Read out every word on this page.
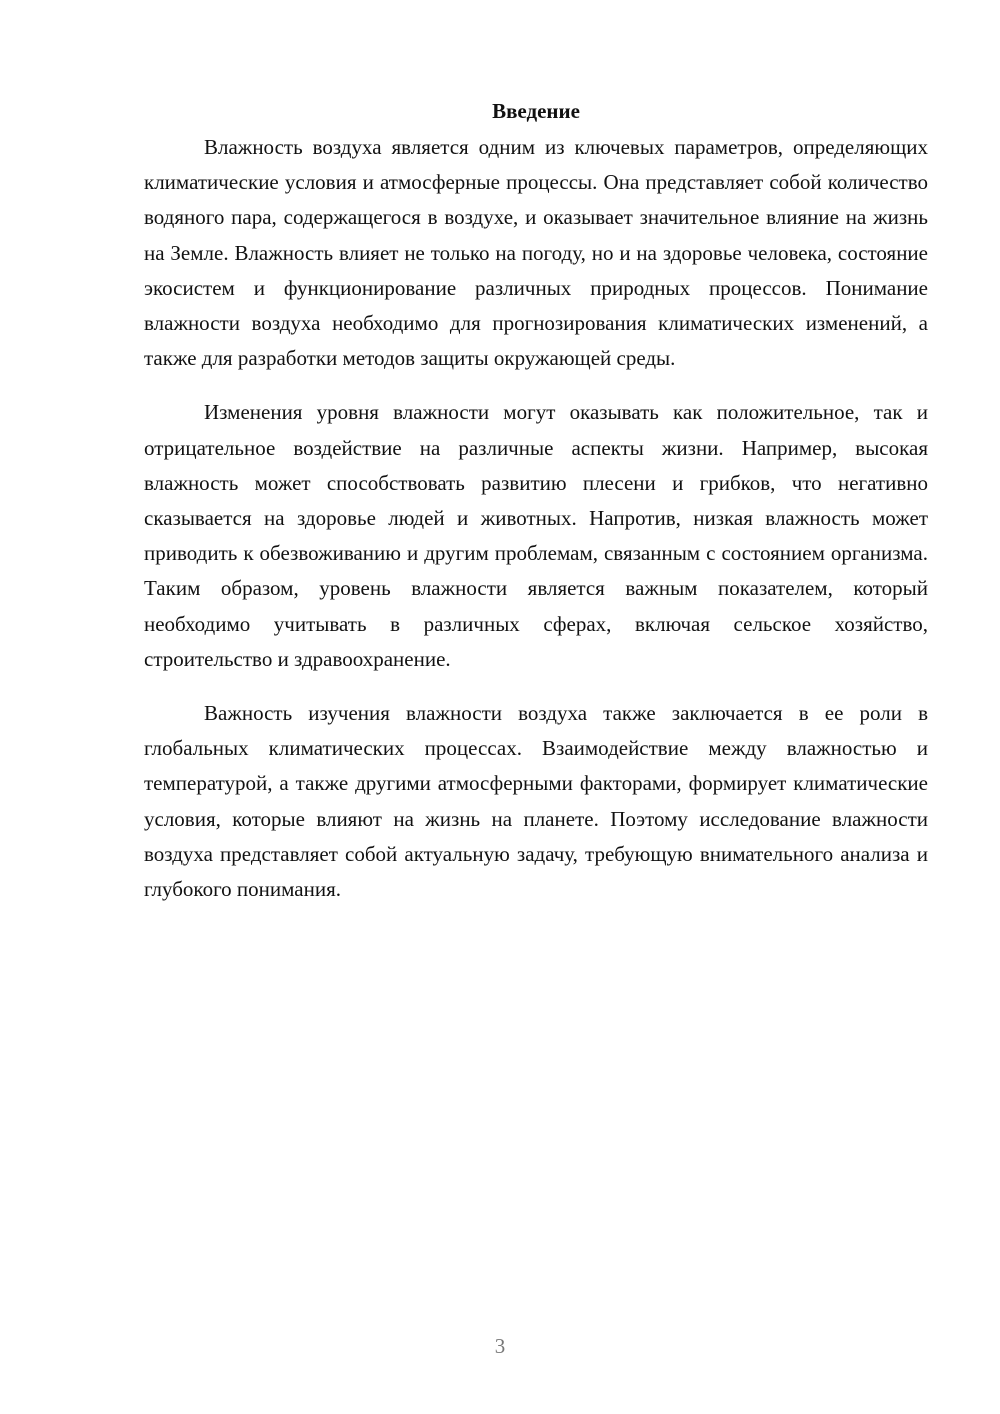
Введение

Влажность воздуха является одним из ключевых параметров, определяющих климатические условия и атмосферные процессы. Она представляет собой количество водяного пара, содержащегося в воздухе, и оказывает значительное влияние на жизнь на Земле. Влажность влияет не только на погоду, но и на здоровье человека, состояние экосистем и функционирование различных природных процессов. Понимание влажности воздуха необходимо для прогнозирования климатических изменений, а также для разработки методов защиты окружающей среды.

Изменения уровня влажности могут оказывать как положительное, так и отрицательное воздействие на различные аспекты жизни. Например, высокая влажность может способствовать развитию плесени и грибков, что негативно сказывается на здоровье людей и животных. Напротив, низкая влажность может приводить к обезвоживанию и другим проблемам, связанным с состоянием организма. Таким образом, уровень влажности является важным показателем, который необходимо учитывать в различных сферах, включая сельское хозяйство, строительство и здравоохранение.

Важность изучения влажности воздуха также заключается в ее роли в глобальных климатических процессах. Взаимодействие между влажностью и температурой, а также другими атмосферными факторами, формирует климатические условия, которые влияют на жизнь на планете. Поэтому исследование влажности воздуха представляет собой актуальную задачу, требующую внимательного анализа и глубокого понимания.

3
